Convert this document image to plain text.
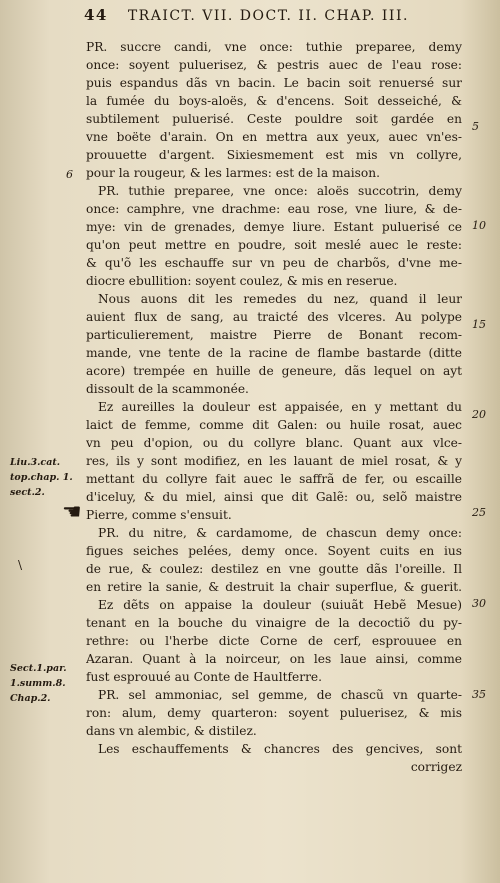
44 TRAICT. VII. DOCT. II. CHAP. III.
PR. succre candi, vne once: tuthie preparee, demy
once: soyent puluerisez, & pestris auec de l'eau rose:
puis espandus dãs vn bacin. Le bacin soit renuersé sur
la fumée du boys-aloës, & d'encens. Soit desseiché, &
subtilement puluerisé. Ceste pouldre soit gardée en
vne boëte d'arain. On en mettra aux yeux, auec vn'es-
prouuette d'argent. Sixiesmement est mis vn collyre,
pour la rougeur, & les larmes: est de la maison.
PR. tuthie preparee, vne once: aloës succotrin, demy
once: camphre, vne drachme: eau rose, vne liure, & de-
mye: vin de grenades, demye liure. Estant puluerisé ce
qu'on peut mettre en poudre, soit meslé auec le reste:
& qu'õ les eschauffe sur vn peu de charbõs, d'vne me-
diocre ebullition: soyent coulez, & mis en reserue.
Nous auons dit les remedes du nez, quand il leur
auient flux de sang, au traicté des vlceres. Au polype
particulierement, maistre Pierre de Bonant recom-
mande, vne tente de la racine de flambe bastarde (ditte
acore) trempée en huille de geneure, dãs lequel on ayt
dissoult de la scammonée.
Ez aureilles la douleur est appaisée, en y mettant du
laict de femme, comme dit Galen: ou huile rosat, auec
vn peu d'opion, ou du collyre blanc. Quant aux vlce-
res, ils y sont modifiez, en les lauant de miel rosat, & y
mettant du collyre fait auec le saffrã de fer, ou escaille
d'iceluy, & du miel, ainsi que dit Galẽ: ou, selõ maistre
Pierre, comme s'ensuit.
PR. du nitre, & cardamome, de chascun demy once:
figues seiches pelées, demy once. Soyent cuits en ius
de rue, & coulez: destilez en vne goutte dãs l'oreille. Il
en retire la sanie, & destruit la chair superflue, & guerit.
Ez dẽts on appaise la douleur (suiuãt Hebẽ Mesue)
tenant en la bouche du vinaigre de la decoctiõ du py-
rethre: ou l'herbe dicte Corne de cerf, esprouuee en
Azaran. Quant à la noirceur, on les laue ainsi, comme
fust esprouué au Conte de Haultferre.
PR. sel ammoniac, sel gemme, de chascũ vn quarte-
ron: alum, demy quarteron: soyent puluerisez, & mis
dans vn alembic, & distilez.
Les eschauffements & chancres des gencives, sont
corrigez
5
10
15
20
25
30
35
6
Liu.3.cat.
top.chap. 1.
sect.2.
Sect.1.par.
1.summ.8.
Chap.2.
☚
\
